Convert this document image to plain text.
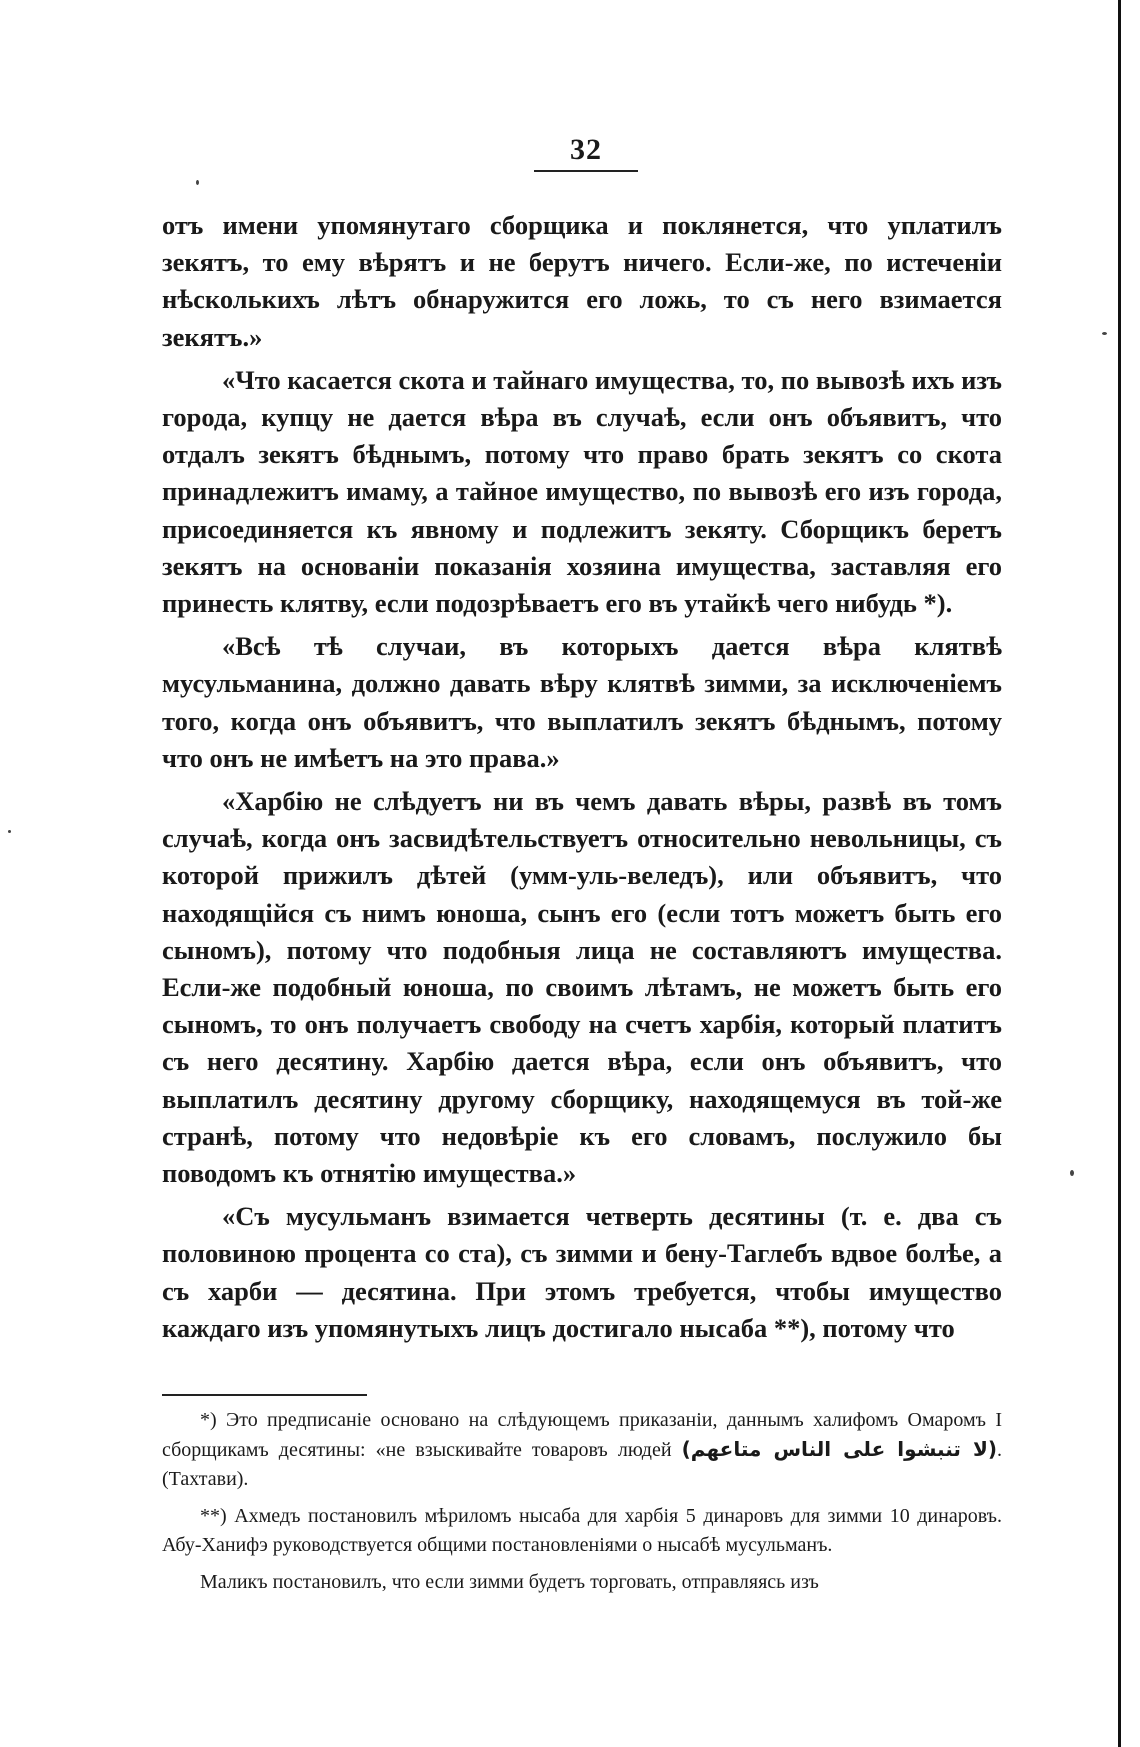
32

отъ имени упомянутаго сборщика и поклянется, что уплатилъ зекятъ, то ему вѣрятъ и не берутъ ничего. Если-же, по истеченіи нѣсколькихъ лѣтъ обнаружится его ложь, то съ него взимается зекятъ.»

«Что касается скота и тайнаго имущества, то, по вывозѣ ихъ изъ города, купцу не дается вѣра въ случаѣ, если онъ объявитъ, что отдалъ зекятъ бѣднымъ, потому что право брать зекятъ со скота принадлежитъ имаму, а тайное имущество, по вывозѣ его изъ города, присоединяется къ явному и подлежитъ зекяту. Сборщикъ беретъ зекятъ на основаніи показанія хозяина имущества, заставляя его принесть клятву, если подозрѣваетъ его въ утайкѣ чего нибудь *).

«Всѣ тѣ случаи, въ которыхъ дается вѣра клятвѣ мусульманина, должно давать вѣру клятвѣ зимми, за исключеніемъ того, когда онъ объявитъ, что выплатилъ зекятъ бѣднымъ, потому что онъ не имѣетъ на это права.»

«Харбію не слѣдуетъ ни въ чемъ давать вѣры, развѣ въ томъ случаѣ, когда онъ засвидѣтельствуетъ относительно невольницы, съ которой прижилъ дѣтей (умм-уль-веледъ), или объявитъ, что находящійся съ нимъ юноша, сынъ его (если тотъ можетъ быть его сыномъ), потому что подобныя лица не составляютъ имущества. Если-же подобный юноша, по своимъ лѣтамъ, не можетъ быть его сыномъ, то онъ получаетъ свободу на счетъ харбія, который платитъ съ него десятину. Харбію дается вѣра, если онъ объявитъ, что выплатилъ десятину другому сборщику, находящемуся въ той-же странѣ, потому что недовѣріе къ его словамъ, послужило бы поводомъ къ отнятію имущества.»

«Съ мусульманъ взимается четверть десятины (т. е. два съ половиною процента со ста), съ зимми и бену-Таглебъ вдвое болѣе, а съ харби — десятина. При этомъ требуется, чтобы имущество каждаго изъ упомянутыхъ лицъ достигало нысаба **), потому что

*) Это предписаніе основано на слѣдующемъ приказаніи, даннымъ халифомъ Омаромъ I сборщикамъ десятины: «не взыскивайте товаровъ людей (لا تنبشوا على الناس متاعهم). (Тахтави).

**) Ахмедъ постановилъ мѣриломъ нысаба для харбія 5 динаровъ для зимми 10 динаровъ. Абу-Ханифэ руководствуется общими постановленіями о нысабѣ мусульманъ.

Маликъ постановилъ, что если зимми будетъ торговать, отправляясь изъ
